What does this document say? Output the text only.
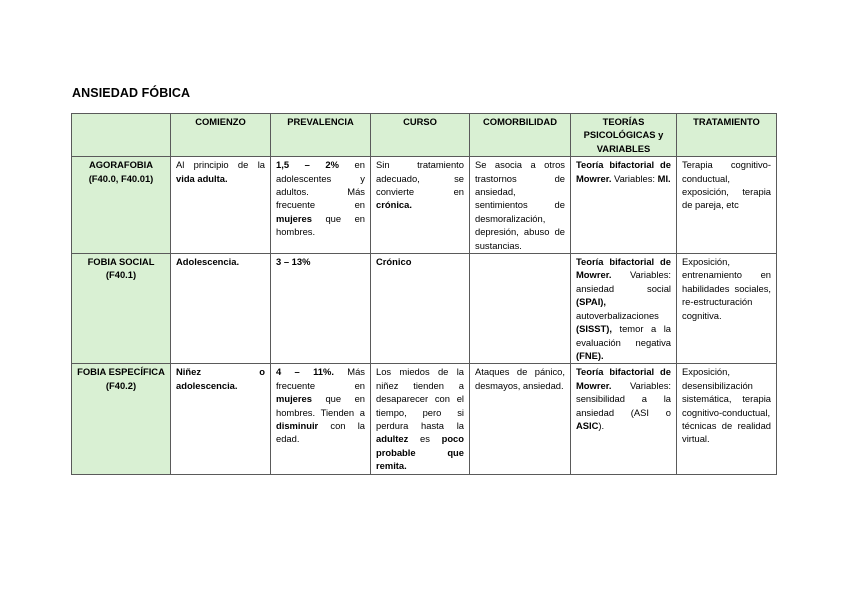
ANSIEDAD FÓBICA
	COMIENZO	PREVALENCIA	CURSO	COMORBILIDAD	TEORÍAS PSICOLÓGICAS y VARIABLES	TRATAMIENTO
AGORAFOBIA (F40.0, F40.01)	Al principio de la vida adulta.	1,5 – 2% en adolescentes y adultos. Más frecuente en mujeres que en hombres.	Sin tratamiento adecuado, se convierte en crónica.	Se asocia a otros trastornos de ansiedad, sentimientos de desmoralización, depresión, abuso de sustancias.	Teoría bifactorial de Mowrer. Variables: MI.	Terapia cognitivo-conductual, exposición, terapia de pareja, etc
FOBIA SOCIAL (F40.1)	Adolescencia.	3 – 13%	Crónico		Teoría bifactorial de Mowrer. Variables: ansiedad social (SPAI), autoverbalizaciones (SISST), temor a la evaluación negativa (FNE).	Exposición, entrenamiento en habilidades sociales, re-estructuración cognitiva.
FOBIA ESPECÍFICA (F40.2)	Niñez o adolescencia.	4 – 11%. Más frecuente en mujeres que en hombres. Tienden a disminuir con la edad.	Los miedos de la niñez tienden a desaparecer con el tiempo, pero si perdura hasta la adultez es poco probable que remita.	Ataques de pánico, desmayos, ansiedad.	Teoría bifactorial de Mowrer. Variables: sensibilidad a la ansiedad (ASI o ASIC).	Exposición, desensibilización sistemática, terapia cognitivo-conductual, técnicas de realidad virtual.
